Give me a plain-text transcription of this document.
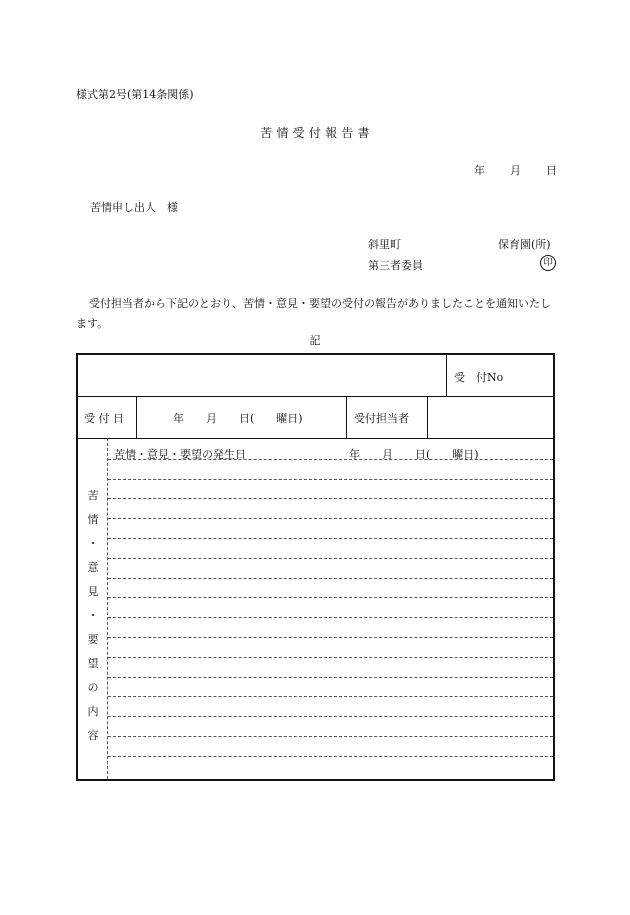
様式第2号(第14条関係)
苦 情 受 付 報 告 書
年 月 日
苦情申し出人　様
斜里町	保育園(所)
第三者委員	印
受付担当者から下記のとおり、苦情・意見・要望の受付の報告がありましたことを通知いたします。
記
受　付No
受 付 日	年　　月　　日(　　曜日)	受付担当者
苦
情
・
意
見
・
要
望
の
内
容
苦情・意見・要望の発生日	年　　月　　日(　　曜日)
